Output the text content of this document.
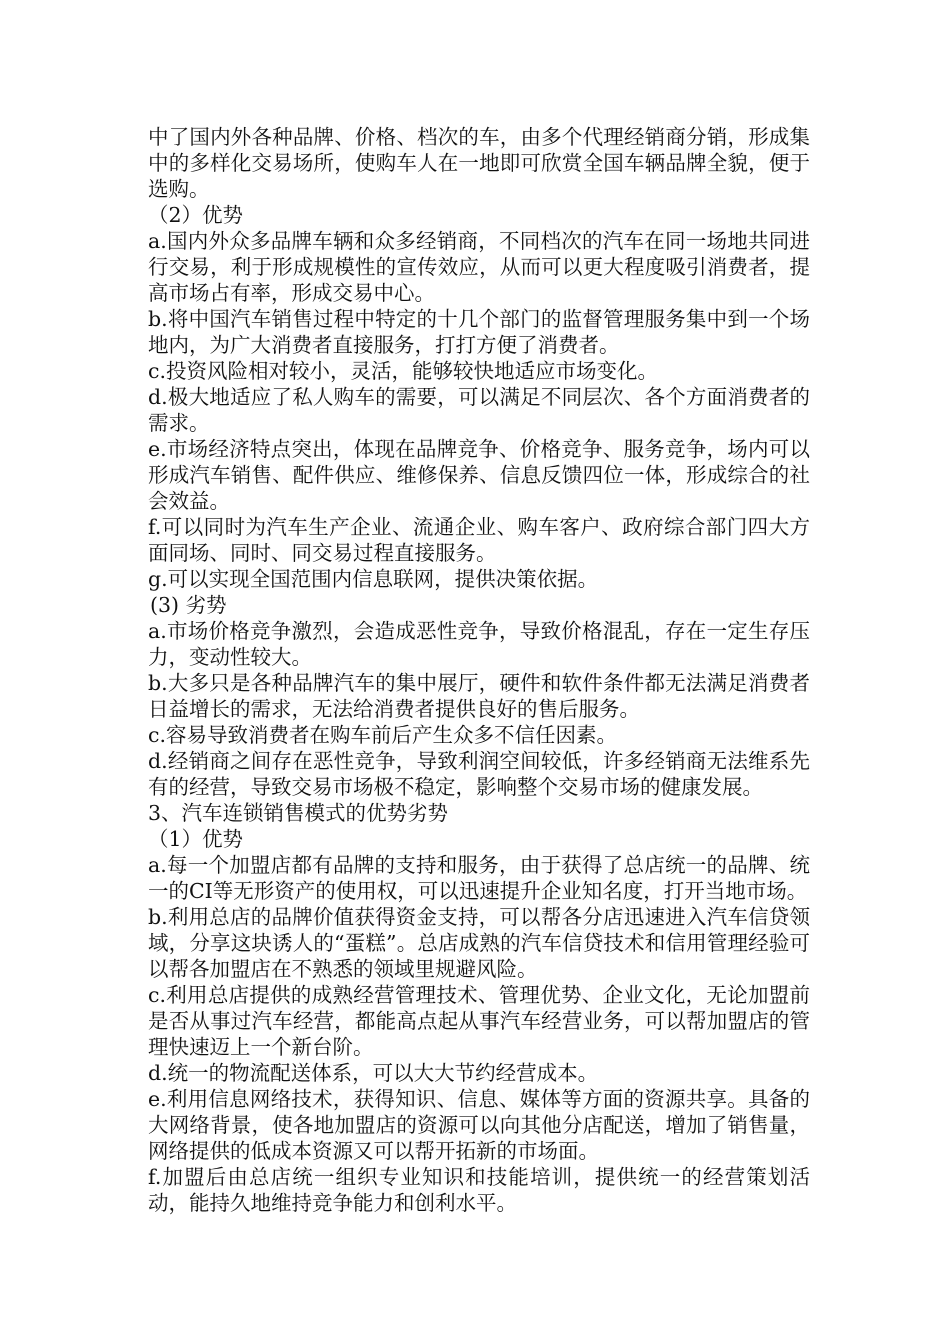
中了国内外各种品牌、价格、档次的车，由多个代理经销商分销，形成集中的多样化交易场所，使购车人在一地即可欣赏全国车辆品牌全貌，便于选购。

（2）优势

a.国内外众多品牌车辆和众多经销商，不同档次的汽车在同一场地共同进行交易，利于形成规模性的宣传效应，从而可以更大程度吸引消费者，提高市场占有率，形成交易中心。

b.将中国汽车销售过程中特定的十几个部门的监督管理服务集中到一个场地内，为广大消费者直接服务，打打方便了消费者。

c.投资风险相对较小，灵活，能够较快地适应市场变化。

d.极大地适应了私人购车的需要，可以满足不同层次、各个方面消费者的需求。

e.市场经济特点突出，体现在品牌竞争、价格竞争、服务竞争，场内可以形成汽车销售、配件供应、维修保养、信息反馈四位一体，形成综合的社会效益。

f.可以同时为汽车生产企业、流通企业、购车客户、政府综合部门四大方面同场、同时、同交易过程直接服务。

g.可以实现全国范围内信息联网，提供决策依据。

(3) 劣势

a.市场价格竞争激烈，会造成恶性竞争，导致价格混乱，存在一定生存压力，变动性较大。

b.大多只是各种品牌汽车的集中展厅，硬件和软件条件都无法满足消费者日益增长的需求，无法给消费者提供良好的售后服务。

c.容易导致消费者在购车前后产生众多不信任因素。

d.经销商之间存在恶性竞争，导致利润空间较低，许多经销商无法维系先有的经营，导致交易市场极不稳定，影响整个交易市场的健康发展。

3、汽车连锁销售模式的优势劣势

（1）优势

a.每一个加盟店都有品牌的支持和服务，由于获得了总店统一的品牌、统一的CI等无形资产的使用权，可以迅速提升企业知名度，打开当地市场。

b.利用总店的品牌价值获得资金支持，可以帮各分店迅速进入汽车信贷领域，分享这块诱人的“蛋糕”。总店成熟的汽车信贷技术和信用管理经验可以帮各加盟店在不熟悉的领域里规避风险。

c.利用总店提供的成熟经营管理技术、管理优势、企业文化，无论加盟前是否从事过汽车经营，都能高点起从事汽车经营业务，可以帮加盟店的管理快速迈上一个新台阶。

d.统一的物流配送体系，可以大大节约经营成本。

e.利用信息网络技术，获得知识、信息、媒体等方面的资源共享。具备的大网络背景，使各地加盟店的资源可以向其他分店配送，增加了销售量，网络提供的低成本资源又可以帮开拓新的市场面。

f.加盟后由总店统一组织专业知识和技能培训，提供统一的经营策划活动，能持久地维持竞争能力和创利水平。
